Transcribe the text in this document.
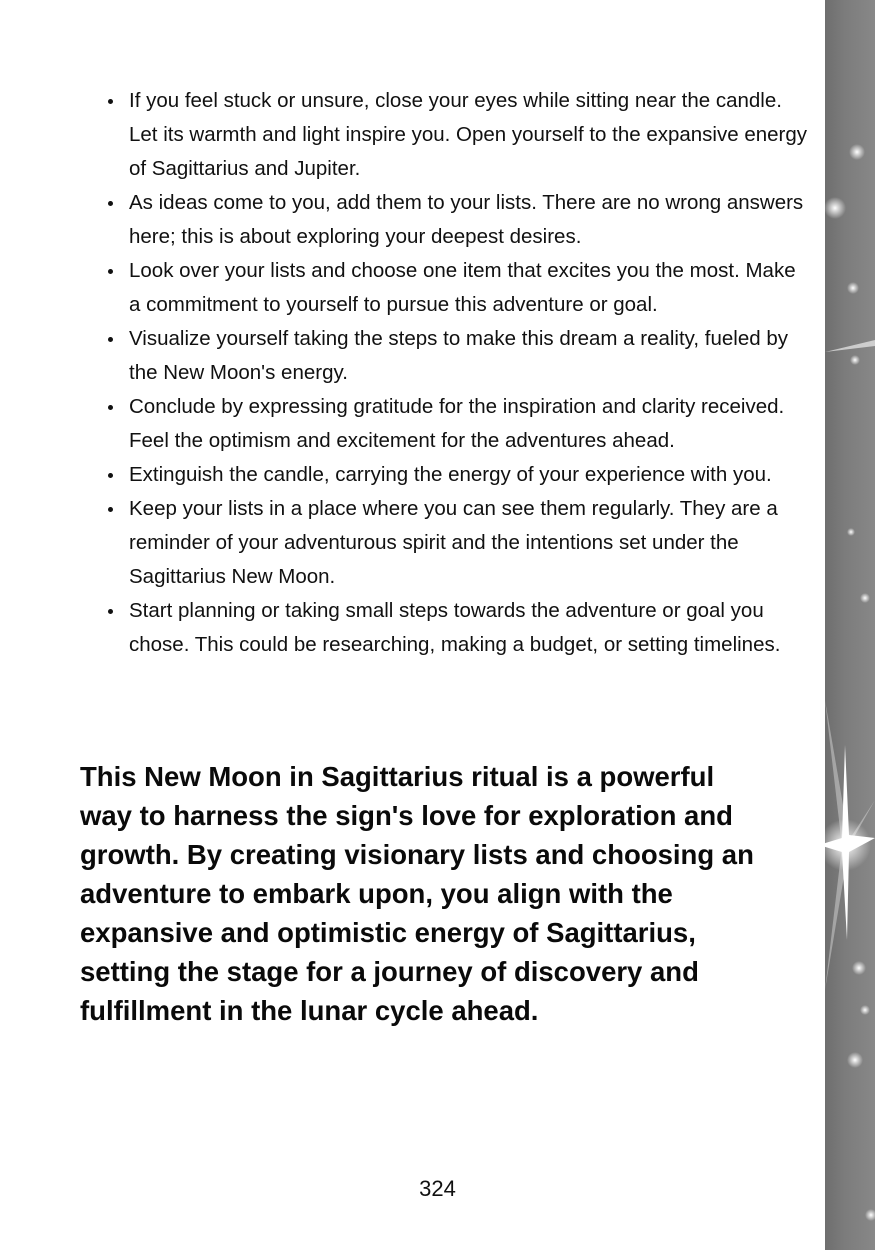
If you feel stuck or unsure, close your eyes while sitting near the candle. Let its warmth and light inspire you. Open yourself to the expansive energy of Sagittarius and Jupiter.
As ideas come to you, add them to your lists. There are no wrong answers here; this is about exploring your deepest desires.
Look over your lists and choose one item that excites you the most. Make a commitment to yourself to pursue this adventure or goal.
Visualize yourself taking the steps to make this dream a reality, fueled by the New Moon's energy.
Conclude by expressing gratitude for the inspiration and clarity received. Feel the optimism and excitement for the adventures ahead.
Extinguish the candle, carrying the energy of your experience with you.
Keep your lists in a place where you can see them regularly. They are a reminder of your adventurous spirit and the intentions set under the Sagittarius New Moon.
Start planning or taking small steps towards the adventure or goal you chose. This could be researching, making a budget, or setting timelines.

This New Moon in Sagittarius ritual is a powerful way to harness the sign's love for exploration and growth. By creating visionary lists and choosing an adventure to embark upon, you align with the expansive and optimistic energy of Sagittarius, setting the stage for a journey of discovery and fulfillment in the lunar cycle ahead.

324
